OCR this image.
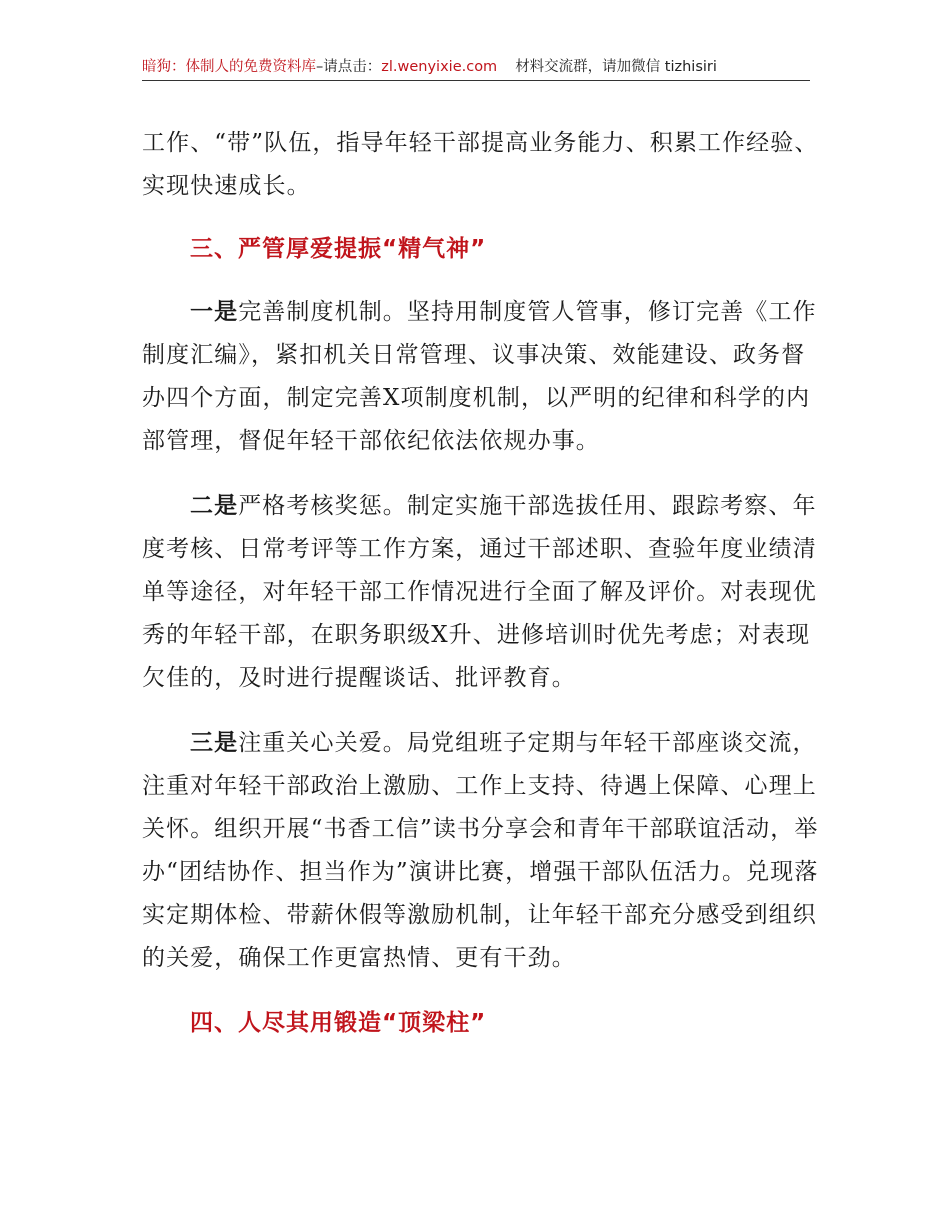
暗狗：体制人的免费资料库–请点击：zl.wenyixie.com 材料交流群，请加微信 tizhisiri

工作、“带”队伍，指导年轻干部提高业务能力、积累工作经验、实现快速成长。

三、严管厚爱提振“精气神”

一是完善制度机制。坚持用制度管人管事，修订完善《工作制度汇编》，紧扣机关日常管理、议事决策、效能建设、政务督办四个方面，制定完善X项制度机制，以严明的纪律和科学的内部管理，督促年轻干部依纪依法依规办事。

二是严格考核奖惩。制定实施干部选拔任用、跟踪考察、年度考核、日常考评等工作方案，通过干部述职、查验年度业绩清单等途径，对年轻干部工作情况进行全面了解及评价。对表现优秀的年轻干部，在职务职级X升、进修培训时优先考虑；对表现欠佳的，及时进行提醒谈话、批评教育。

三是注重关心关爱。局党组班子定期与年轻干部座谈交流，注重对年轻干部政治上激励、工作上支持、待遇上保障、心理上关怀。组织开展“书香工信”读书分享会和青年干部联谊活动，举办“团结协作、担当作为”演讲比赛，增强干部队伍活力。兑现落实定期体检、带薪休假等激励机制，让年轻干部充分感受到组织的关爱，确保工作更富热情、更有干劲。

四、人尽其用锻造“顶梁柱”
